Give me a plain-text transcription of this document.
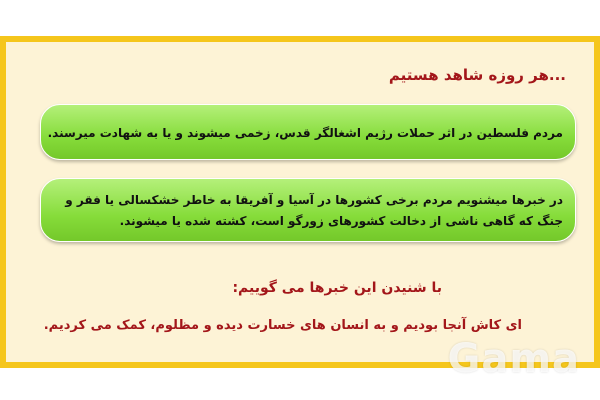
...هر روزه شاهد هستیم
مردم فلسطین در اثر حملات رژیم اشغالگر قدس، زخمی میشوند و یا به شهادت میرسند.
در خبرها میشنویم مردم برخی کشورها در آسیا و آفریقا به خاطر خشکسالی یا فقر و جنگ که گاهی ناشی از دخالت کشورهای زورگو است، کشته شده یا میشوند.
با شنیدن این خبرها می گوییم:
ای کاش آنجا بودیم و به انسان های خسارت دیده و مظلوم، کمک می کردیم.
Gama
